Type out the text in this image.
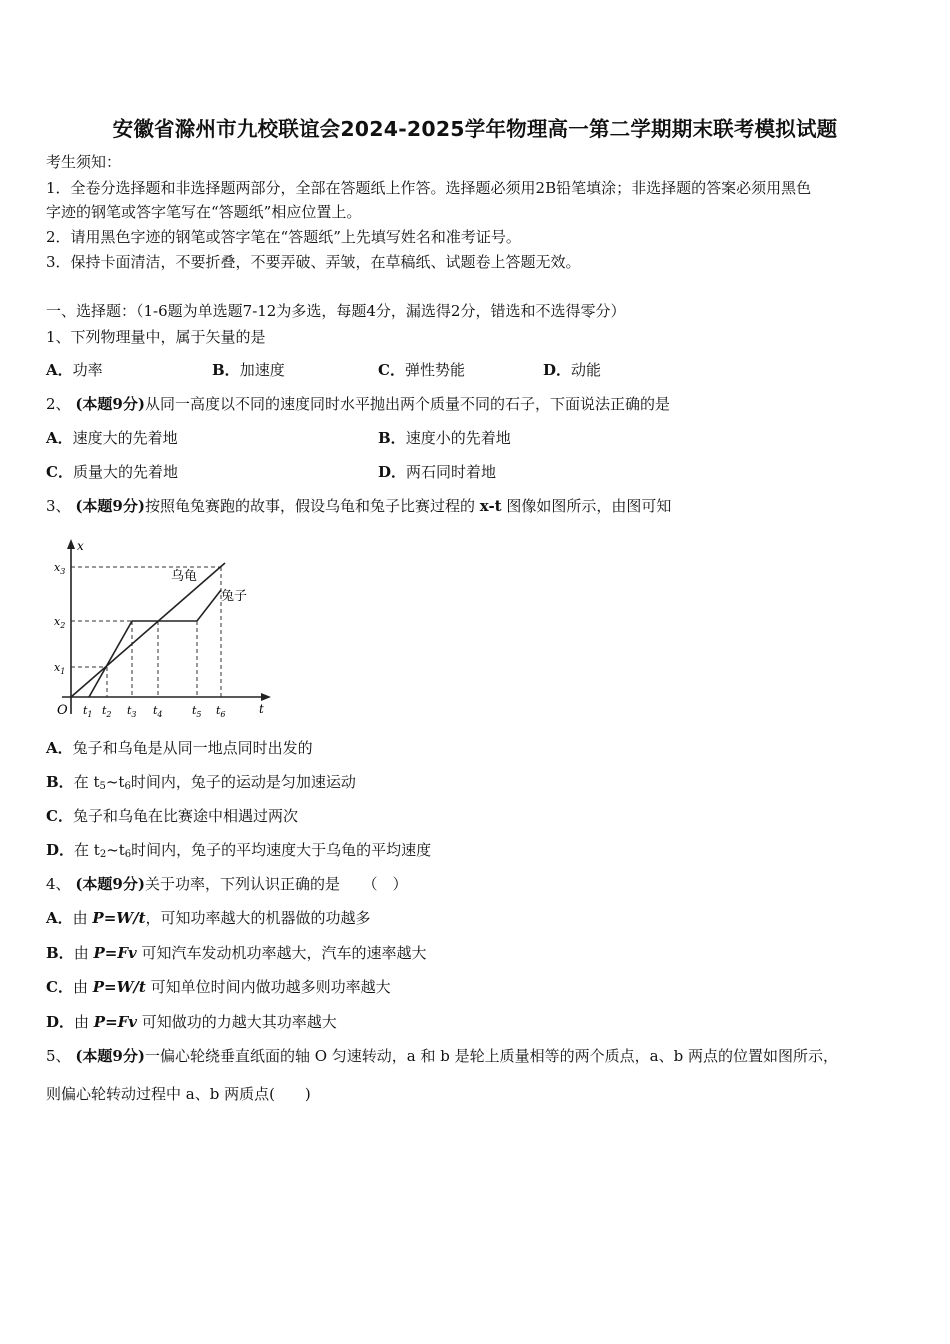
安徽省滁州市九校联谊会2024-2025学年物理高一第二学期期末联考模拟试题
考生须知：
1．全卷分选择题和非选择题两部分，全部在答题纸上作答。选择题必须用2B铅笔填涂；非选择题的答案必须用黑色
字迹的钢笔或答字笔写在“答题纸”相应位置上。
2．请用黑色字迹的钢笔或答字笔在“答题纸”上先填写姓名和准考证号。
3．保持卡面清洁，不要折叠，不要弄破、弄皱，在草稿纸、试题卷上答题无效。
一、选择题：（1-6题为单选题7-12为多选，每题4分，漏选得2分，错选和不选得零分）
1、下列物理量中，属于矢量的是
A．功率	B．加速度	C．弹性势能	D．动能
2、 (本题9分)从同一高度以不同的速度同时水平抛出两个质量不同的石子，下面说法正确的是
A．速度大的先着地	B．速度小的先着地
C．质量大的先着地	D．两石同时着地
3、 (本题9分)按照龟兔赛跑的故事，假设乌龟和兔子比赛过程的 x-t 图像如图所示，由图可知
乌龟
兔子
x
t
O
$x_3$
$x_2$
$x_1$
$t_1$ $t_2$ $t_3$ $t_4$	$t_5$ $t_6$
A．兔子和乌龟是从同一地点同时出发的
B．在 $t_5\sim t_6$时间内，兔子的运动是匀加速运动
C．兔子和乌龟在比赛途中相遇过两次
D．在 $t_2\sim t_6$时间内，兔子的平均速度大于乌龟的平均速度
4、 (本题9分)关于功率，下列认识正确的是　　（　）
A．由 P=W/t，可知功率越大的机器做的功越多
B．由 P=Fv 可知汽车发动机功率越大，汽车的速率越大
C．由 P=W/t 可知单位时间内做功越多则功率越大
D．由 P=Fv 可知做功的力越大其功率越大
5、 (本题9分)一偏心轮绕垂直纸面的轴 O 匀速转动，a 和 b 是轮上质量相等的两个质点，a、b 两点的位置如图所示，
则偏心轮转动过程中 a、b 两质点(　　)
